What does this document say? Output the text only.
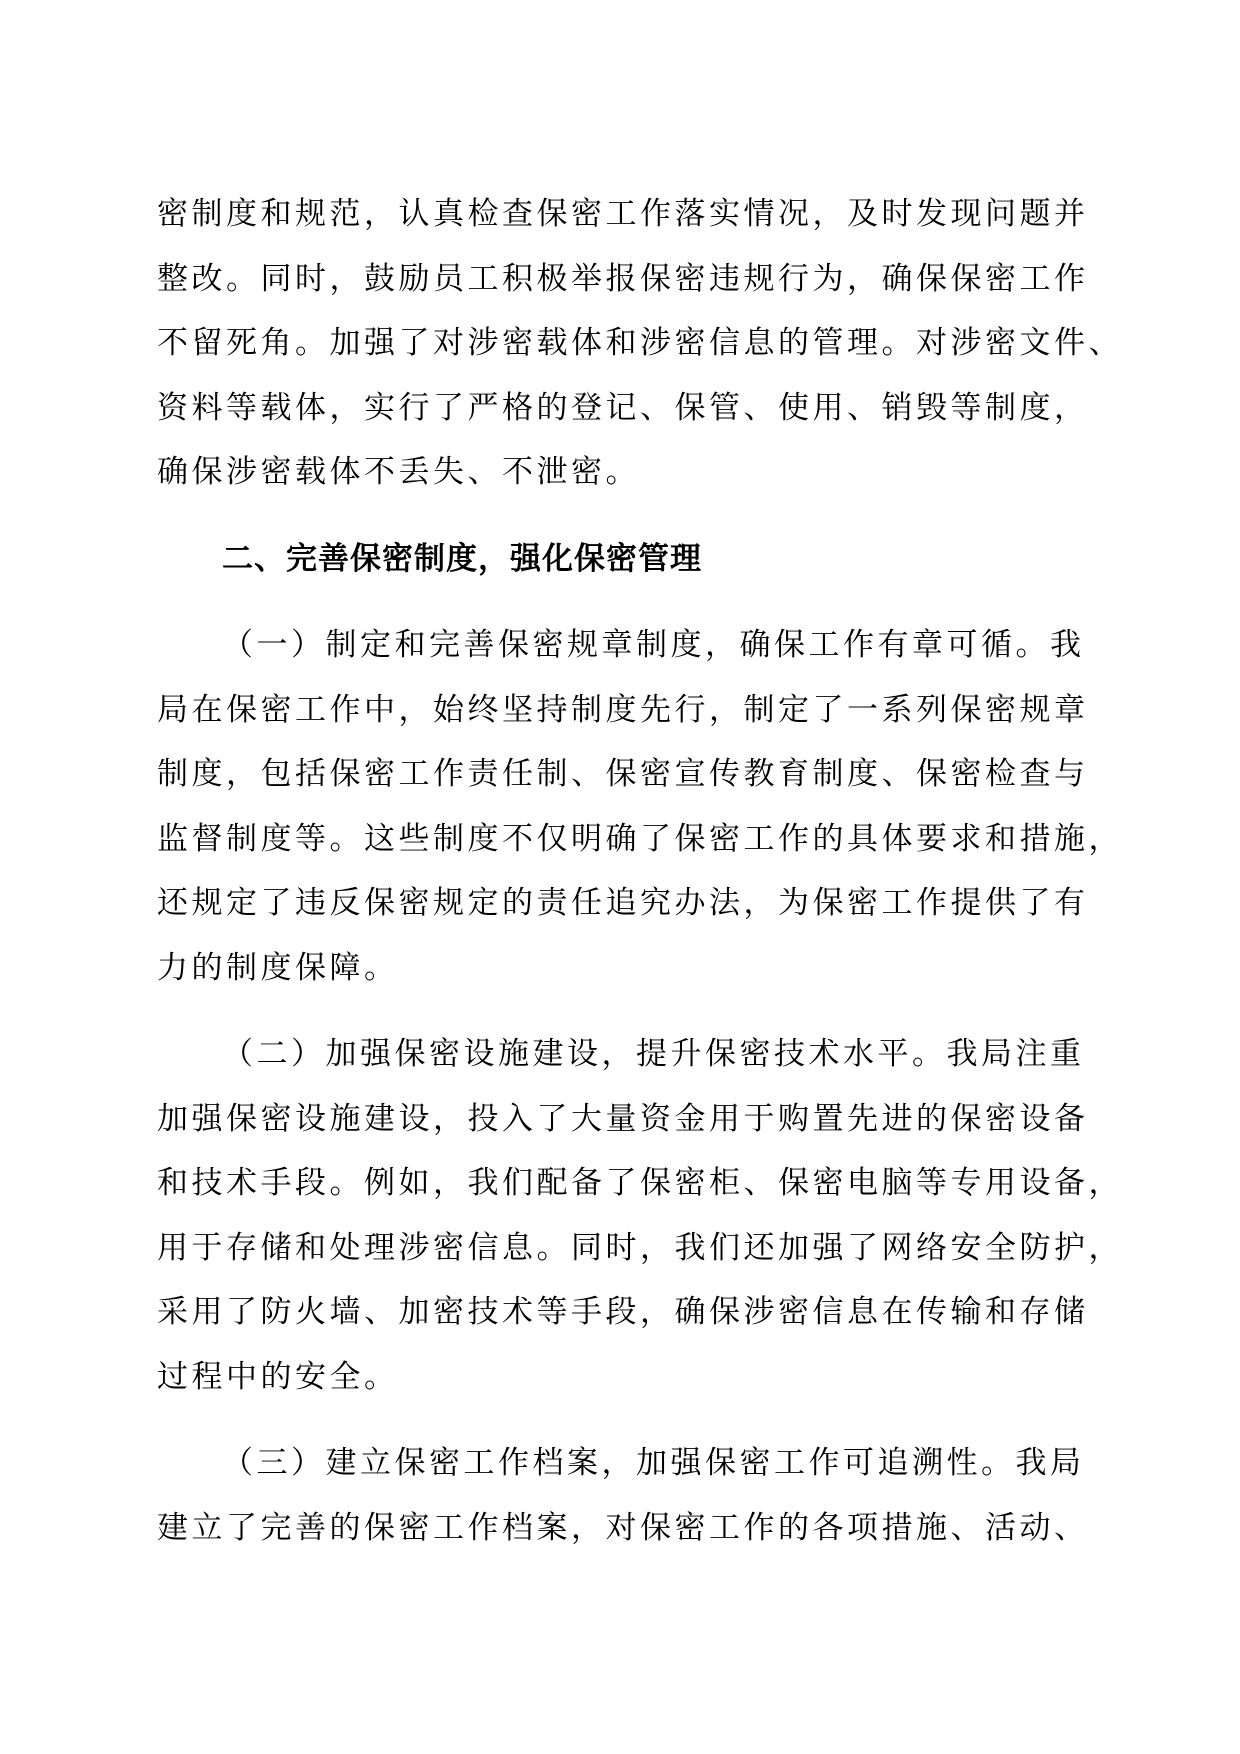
密制度和规范，认真检查保密工作落实情况，及时发现问题并
整改。同时，鼓励员工积极举报保密违规行为，确保保密工作
不留死角。加强了对涉密载体和涉密信息的管理。对涉密文件、
资料等载体，实行了严格的登记、保管、使用、销毁等制度，
确保涉密载体不丢失、不泄密。
二、完善保密制度，强化保密管理
（一）制定和完善保密规章制度，确保工作有章可循。我
局在保密工作中，始终坚持制度先行，制定了一系列保密规章
制度，包括保密工作责任制、保密宣传教育制度、保密检查与
监督制度等。这些制度不仅明确了保密工作的具体要求和措施，
还规定了违反保密规定的责任追究办法，为保密工作提供了有
力的制度保障。
（二）加强保密设施建设，提升保密技术水平。我局注重
加强保密设施建设，投入了大量资金用于购置先进的保密设备
和技术手段。例如，我们配备了保密柜、保密电脑等专用设备，
用于存储和处理涉密信息。同时，我们还加强了网络安全防护，
采用了防火墙、加密技术等手段，确保涉密信息在传输和存储
过程中的安全。
（三）建立保密工作档案，加强保密工作可追溯性。我局
建立了完善的保密工作档案，对保密工作的各项措施、活动、
